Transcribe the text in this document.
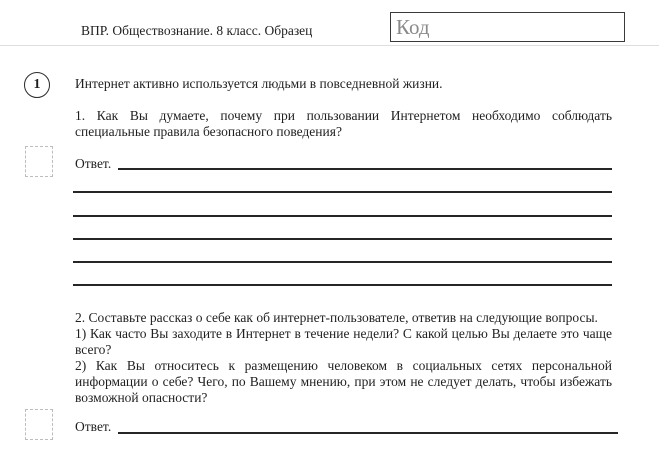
ВПР. Обществознание. 8 класс. Образец	Код
1	Интернет активно используется людьми в повседневной жизни.
1. Как Вы думаете, почему при пользовании Интернетом необходимо соблюдать специальные правила безопасного поведения?
Ответ.

2. Составьте рассказ о себе как об интернет-пользователе, ответив на следующие вопросы.

1) Как часто Вы заходите в Интернет в течение недели? С какой целью Вы делаете это чаще всего?

2) Как Вы относитесь к размещению человеком в социальных сетях персональной информации о себе? Чего, по Вашему мнению, при этом не следует делать, чтобы избежать возможной опасности?

Ответ.
